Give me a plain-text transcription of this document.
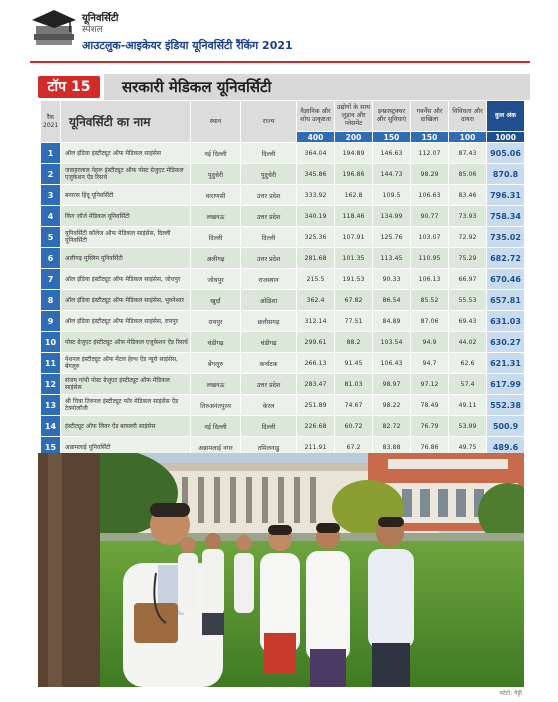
यूनिवर्सिटी
स्पेशल
आउटलुक-आइकेयर इंडिया यूनिवर्सिटी रैंकिंग 2021
टॉप 15	सरकारी मेडिकल यूनिवर्सिटी
रैंक 2021	यूनिवर्सिटी का नाम	स्थान	राज्य	वैज्ञानिक और शोध उत्कृष्टता	उद्योगों के साथ जुड़ाव और प्लेसमेंट	इन्फ्रास्ट्रक्चर और सुविधाएं	गवर्नेंस और दाखिला	विविधता और दायरा	कुल अंक
				400	200	150	150	100	1000
1	ऑल इंडिया इंस्टीट्यूट ऑफ मेडिकल साइंसेस	नई दिल्ली	दिल्ली	364.04	194.89	146.63	112.07	87.43	905.06
2	जवाहरलाल नेहरू इंस्टीट्यूट ऑफ पोस्ट ग्रेजुएट मेडिकल एजुकेशन ऐंड रिसर्च	पुदुचेरी	पुदुचेरी	345.86	196.86	144.73	98.29	85.06	870.8
3	बनारस हिंदू यूनिवर्सिटी	वाराणसी	उत्तर प्रदेश	333.92	162.8	109.5	106.63	83.46	796.31
4	किंग जॉर्ज मेडिकल यूनिवर्सिटी	लखनऊ	उत्तर प्रदेश	340.19	118.46	134.99	90.77	73.93	758.34
5	यूनिवर्सिटी कॉलेज ऑफ मेडिकल साइंसेस, दिल्ली यूनिवर्सिटी	दिल्ली	दिल्ली	325.36	107.91	125.76	103.07	72.92	735.02
6	अलीगढ़ मुस्लिम यूनिवर्सिटी	अलीगढ़	उत्तर प्रदेश	281.68	101.35	113.45	110.95	75.29	682.72
7	ऑल इंडिया इंस्टीट्यूट ऑफ मेडिकल साइंसेस, जोधपुर	जोधपुर	राजस्थान	215.5	191.53	90.33	106.13	66.97	670.46
8	ऑल इंडिया इंस्टीट्यूट ऑफ मेडिकल साइंसेस, भुवनेश्वर	खुर्दा	ओडिशा	362.4	67.82	86.54	85.52	55.53	657.81
9	ऑल इंडिया इंस्टीट्यूट ऑफ मेडिकल साइंसेस, रायपुर	रायपुर	छत्तीसगढ़	312.14	77.51	84.89	87.06	69.43	631.03
10	पोस्ट ग्रेजुएट इंस्टीट्यूट ऑफ मेडिकल एजुकेशन ऐंड रिसर्च	चंडीगढ़	चंडीगढ़	299.61	88.2	103.54	94.9	44.02	630.27
11	नेशनल इंस्टीट्यूट ऑफ मेंटल हेल्थ ऐंड न्यूरो साइंसेस, बेंगलूरु	बेंगलूरु	कर्नाटक	266.13	91.45	106.43	94.7	62.6	621.31
12	संजय गांधी पोस्ट ग्रेजुएट इंस्टीट्यूट ऑफ मेडिकल साइंसेस	लखनऊ	उत्तर प्रदेश	283.47	81.03	98.97	97.12	57.4	617.99
13	श्री चित्रा तिरुनल इंस्टीट्यूट फॉर मेडिकल साइंसेस ऐंड टेक्नोलॉजी	तिरुअनंतपुरम	केरल	251.89	74.67	98.22	78.49	49.11	552.38
14	इंस्टीट्यूट ऑफ लिवर ऐंड बायलरी साइंसेस	नई दिल्ली	दिल्ली	226.68	60.72	82.72	76.79	53.99	500.9
15	अन्नामलाई यूनिवर्सिटी	अन्नामलाई नगर	तमिलनाडु	211.91	67.2	83.88	76.86	49.75	489.6
फोटो: गेट्टी
